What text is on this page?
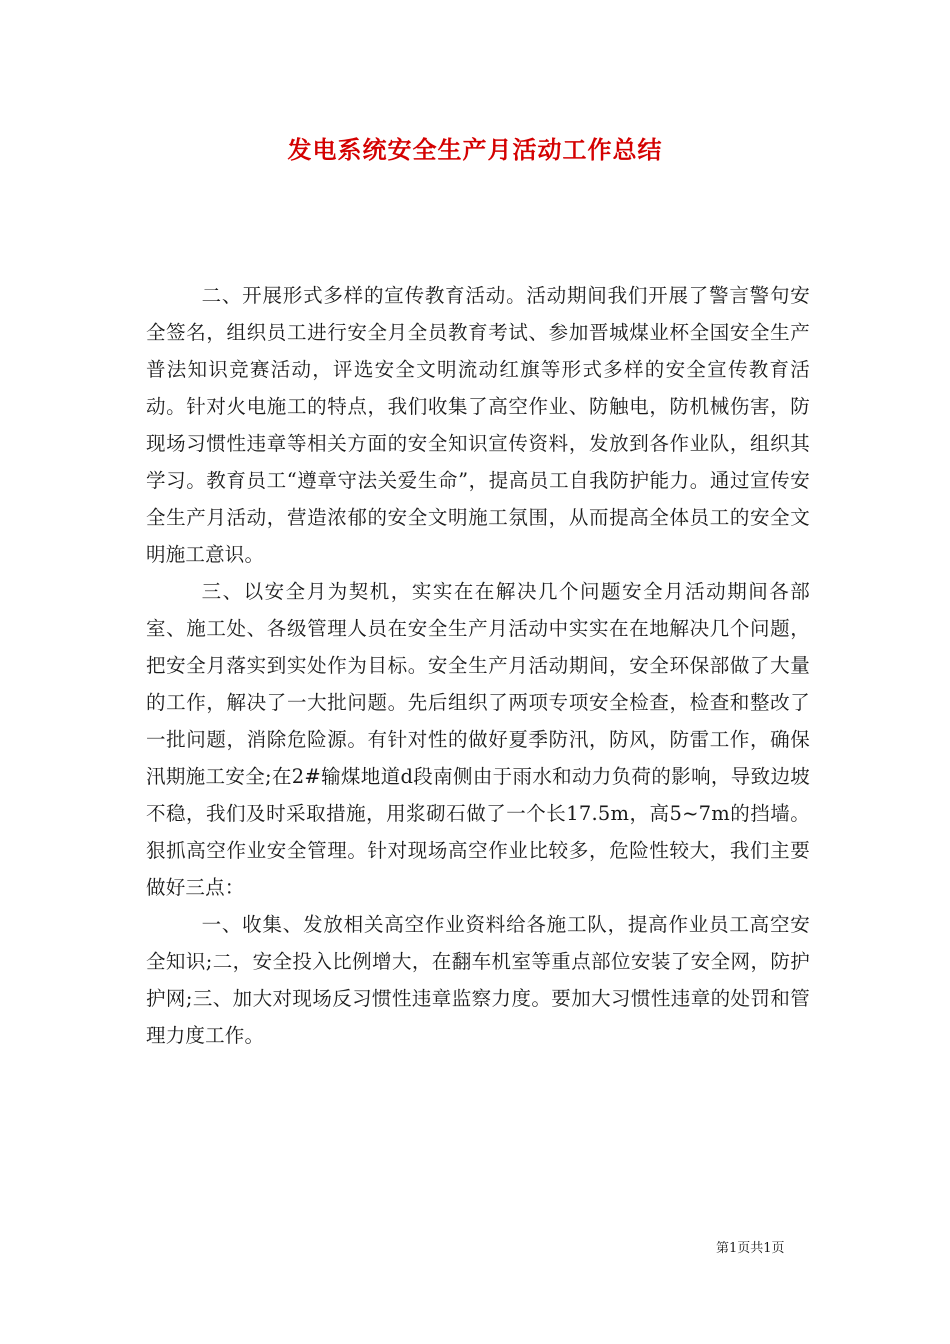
发电系统安全生产月活动工作总结

二、开展形式多样的宣传教育活动。活动期间我们开展了警言警句安全签名，组织员工进行安全月全员教育考试、参加晋城煤业杯全国安全生产普法知识竞赛活动，评选安全文明流动红旗等形式多样的安全宣传教育活动。针对火电施工的特点，我们收集了高空作业、防触电，防机械伤害，防现场习惯性违章等相关方面的安全知识宣传资料，发放到各作业队，组织其学习。教育员工“遵章守法关爱生命”，提高员工自我防护能力。通过宣传安全生产月活动，营造浓郁的安全文明施工氛围，从而提高全体员工的安全文明施工意识。

三、以安全月为契机，实实在在解决几个问题安全月活动期间各部室、施工处、各级管理人员在安全生产月活动中实实在在地解决几个问题，把安全月落实到实处作为目标。安全生产月活动期间，安全环保部做了大量的工作，解决了一大批问题。先后组织了两项专项安全检查，检查和整改了一批问题，消除危险源。有针对性的做好夏季防汛，防风，防雷工作，确保汛期施工安全;在2#输煤地道d段南侧由于雨水和动力负荷的影响，导致边坡不稳，我们及时采取措施，用浆砌石做了一个长17.5m，高5~7m的挡墙。狠抓高空作业安全管理。针对现场高空作业比较多，危险性较大，我们主要做好三点：

一、收集、发放相关高空作业资料给各施工队，提高作业员工高空安全知识;二，安全投入比例增大，在翻车机室等重点部位安装了安全网，防护护网;三、加大对现场反习惯性违章监察力度。要加大习惯性违章的处罚和管理力度工作。

第1页共1页
